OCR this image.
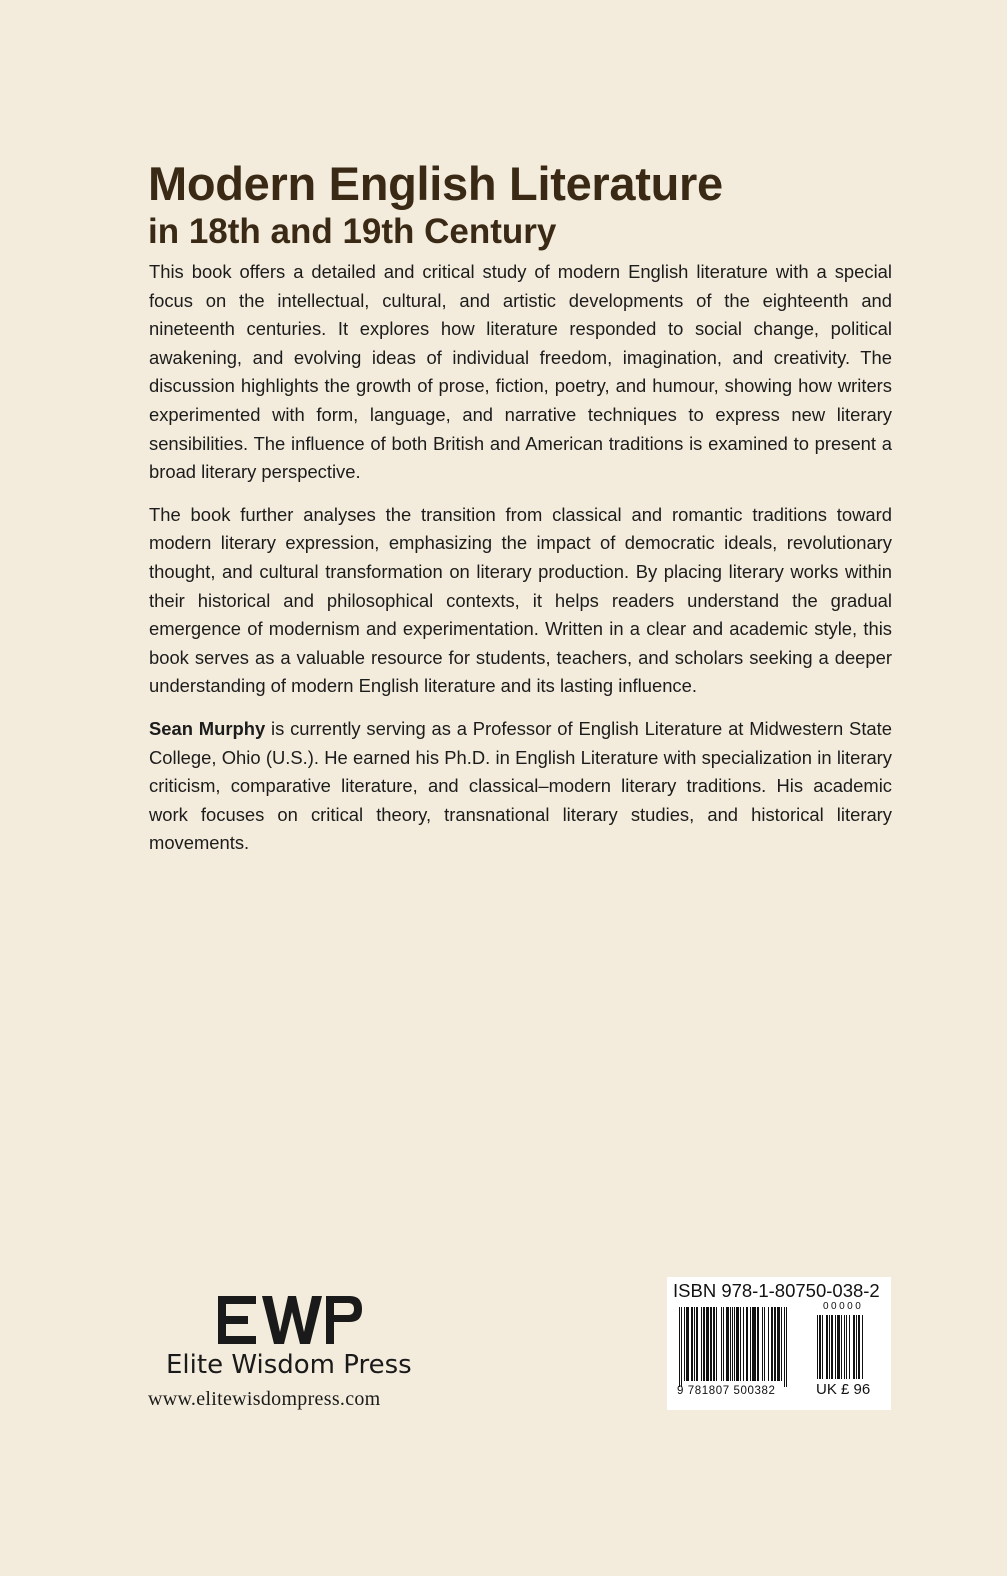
Modern English Literature
in 18th and 19th Century

This book offers a detailed and critical study of modern English literature with a special focus on the intellectual, cultural, and artistic developments of the eighteenth and nineteenth centuries. It explores how literature responded to social change, political awakening, and evolving ideas of individual freedom, imagination, and creativity. The discussion highlights the growth of prose, fiction, poetry, and humour, showing how writers experimented with form, language, and narrative techniques to express new literary sensibilities. The influence of both British and American traditions is examined to present a broad literary perspective.

The book further analyses the transition from classical and romantic traditions toward modern literary expression, emphasizing the impact of democratic ideals, revolutionary thought, and cultural transformation on literary production. By placing literary works within their historical and philosophical contexts, it helps readers understand the gradual emergence of modernism and experimentation. Written in a clear and academic style, this book serves as a valuable resource for students, teachers, and scholars seeking a deeper understanding of modern English literature and its lasting influence.

Sean Murphy is currently serving as a Professor of English Literature at Midwestern State College, Ohio (U.S.). He earned his Ph.D. in English Literature with specialization in literary criticism, comparative literature, and classical–modern literary traditions. His academic work focuses on critical theory, transnational literary studies, and historical literary movements.

Elite Wisdom Press
www.elitewisdompress.com
ISBN 978-1-80750-038-2
00000
9 781807 500382	UK £ 96
